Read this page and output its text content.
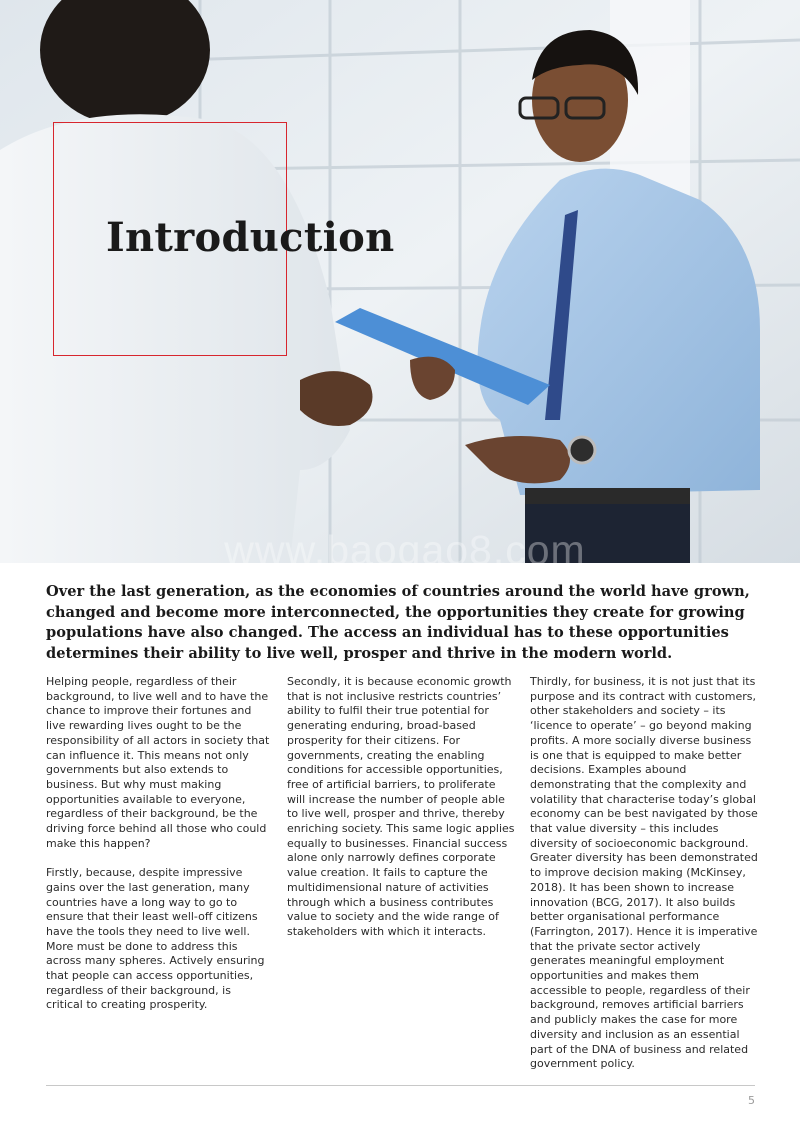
Introduction
www.baogao8.com

Over the last generation, as the economies of countries around the world have grown, changed and become more interconnected, the opportunities they create for growing populations have also changed. The access an individual has to these opportunities determines their ability to live well, prosper and thrive in the modern world.

Helping people, regardless of their background, to live well and to have the chance to improve their fortunes and live rewarding lives ought to be the responsibility of all actors in society that can influence it. This means not only governments but also extends to business. But why must making opportunities available to everyone, regardless of their background, be the driving force behind all those who could make this happen?

Firstly, because, despite impressive gains over the last generation, many countries have a long way to go to ensure that their least well-off citizens have the tools they need to live well. More must be done to address this across many spheres. Actively ensuring that people can access opportunities, regardless of their background, is critical to creating prosperity.

Secondly, it is because economic growth that is not inclusive restricts countries’ ability to fulfil their true potential for generating enduring, broad-based prosperity for their citizens. For governments, creating the enabling conditions for accessible opportunities, free of artificial barriers, to proliferate will increase the number of people able to live well, prosper and thrive, thereby enriching society. This same logic applies equally to businesses. Financial success alone only narrowly defines corporate value creation. It fails to capture the multidimensional nature of activities through which a business contributes value to society and the wide range of stakeholders with which it interacts.

Thirdly, for business, it is not just that its purpose and its contract with customers, other stakeholders and society – its ‘licence to operate’ – go beyond making profits. A more socially diverse business is one that is equipped to make better decisions. Examples abound demonstrating that the complexity and volatility that characterise today’s global economy can be best navigated by those that value diversity – this includes diversity of socioeconomic background. Greater diversity has been demonstrated to improve decision making (McKinsey, 2018). It has been shown to increase innovation (BCG, 2017). It also builds better organisational performance (Farrington, 2017). Hence it is imperative that the private sector actively generates meaningful employment opportunities and makes them accessible to people, regardless of their background, removes artificial barriers and publicly makes the case for more diversity and inclusion as an essential part of the DNA of business and related government policy.

5
